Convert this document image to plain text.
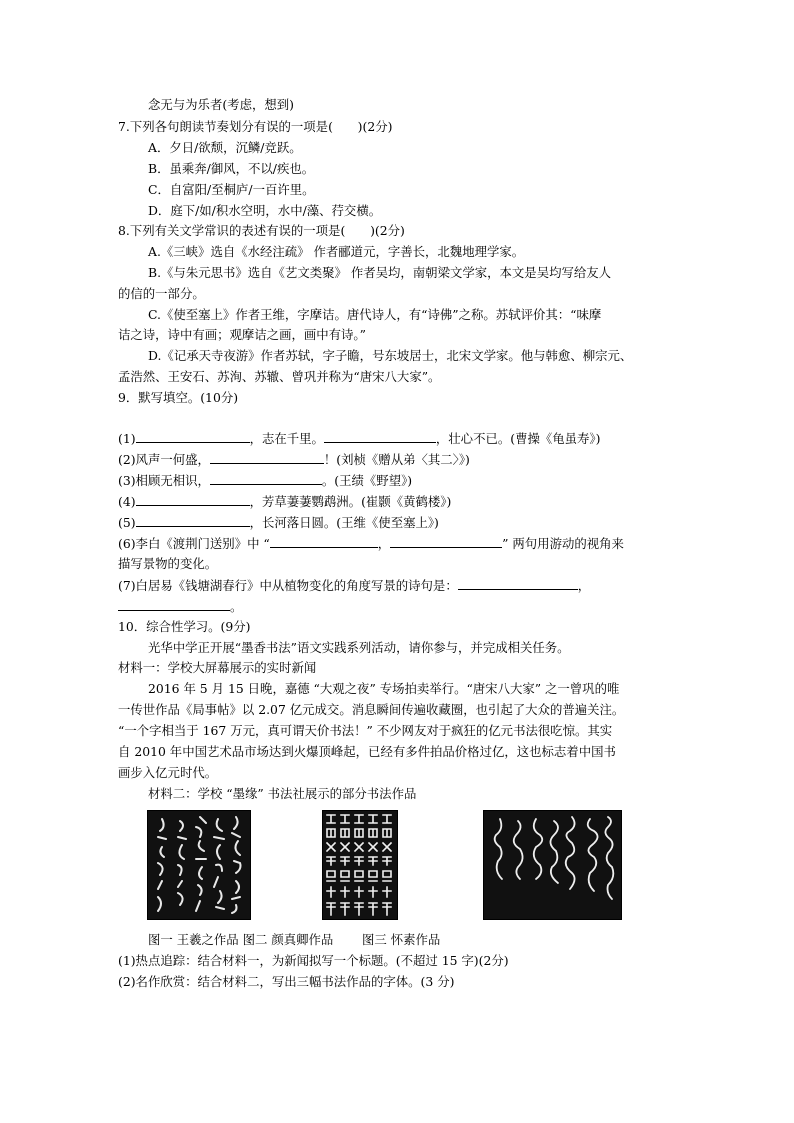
念无与为乐者(考虑，想到)
7.下列各句朗读节奏划分有误的一项是(　　)(2分)
A．夕日/欲颓，沉鳞/竞跃。
B．虽乘奔/御风，不以/疾也。
C．自富阳/至桐庐/一百许里。
D．庭下/如/积水空明，水中/藻、荇交横。
8.下列有关文学常识的表述有误的一项是(　　)(2分)
A.《三峡》选自《水经注疏》 作者郦道元，字善长，北魏地理学家。
B.《与朱元思书》选自《艺文类聚》 作者吴均，南朝梁文学家，本文是吴均写给友人
的信的一部分。
C.《使至塞上》作者王维，字摩诘。唐代诗人，有“诗佛”之称。苏轼评价其：“味摩
诘之诗，诗中有画；观摩诘之画，画中有诗。”
D.《记承天寺夜游》作者苏轼，字子瞻，号东坡居士，北宋文学家。他与韩愈、柳宗元、
孟浩然、王安石、苏洵、苏辙、曾巩并称为“唐宋八大家”。
9．默写填空。(10分)
(1)	，志在千里。	，壮心不已。(曹操《龟虽寿》)
(2)风声一何盛，	！(刘桢《赠从弟〈其二〉》)
(3)相顾无相识，	。(王绩《野望》)
(4)	，芳草萋萋鹦鹉洲。(崔颢《黄鹤楼》)
(5)	，长河落日圆。(王维《使至塞上》)
(6)李白《渡荆门送别》中 “	，	” 两句用游动的视角来
描写景物的变化。
(7)白居易《钱塘湖春行》中从植物变化的角度写景的诗句是：	，
。
10．综合性学习。(9分)
光华中学正开展“墨香书法”语文实践系列活动，请你参与，并完成相关任务。
材料一：学校大屏幕展示的实时新闻
2016 年 5 月 15 日晚，嘉德 “大观之夜” 专场拍卖举行。“唐宋八大家” 之一曾巩的唯
一传世作品《局事帖》以 2.07 亿元成交。消息瞬间传遍收藏圈，也引起了大众的普遍关注。
“一个字相当于 167 万元，真可谓天价书法！” 不少网友对于疯狂的亿元书法很吃惊。其实
自 2010 年中国艺术品市场达到火爆顶峰起，已经有多件拍品价格过亿，这也标志着中国书
画步入亿元时代。
材料二：学校 “墨缘” 书法社展示的部分书法作品
图一 王羲之作品 图二 颜真卿作品　　 图三 怀素作品
(1)热点追踪：结合材料一，为新闻拟写一个标题。(不超过 15 字)(2分)
(2)名作欣赏：结合材料二，写出三幅书法作品的字体。(3 分)
